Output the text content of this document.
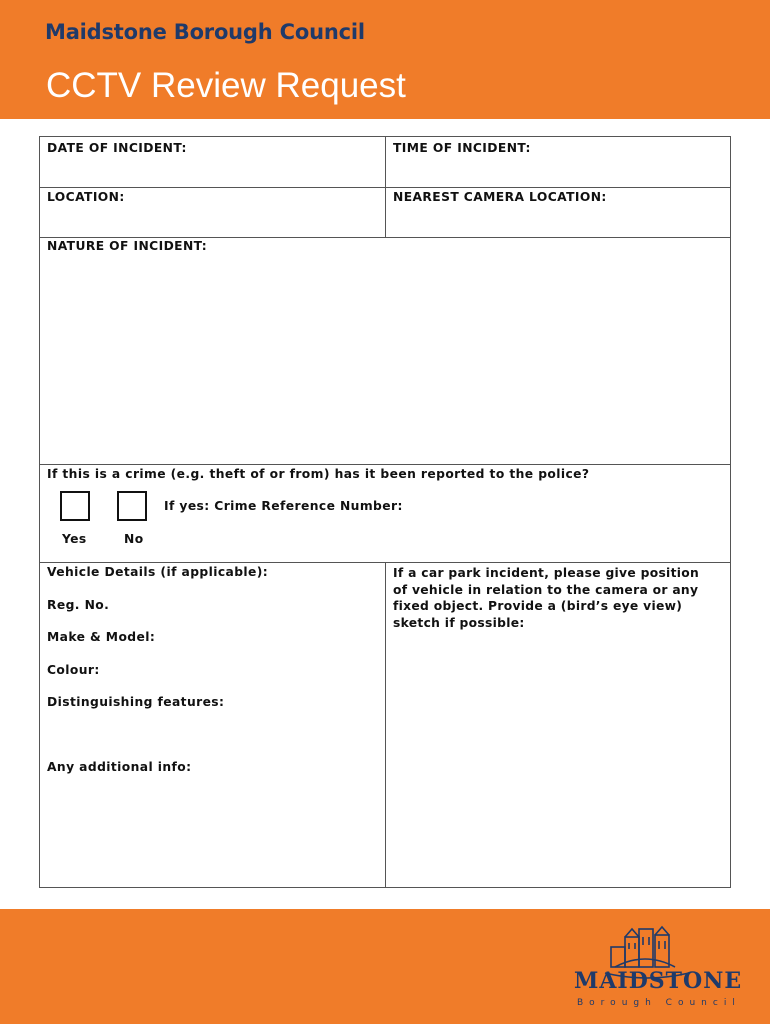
Maidstone Borough Council
CCTV Review Request
DATE OF INCIDENT:	TIME OF INCIDENT:
LOCATION:	NEAREST CAMERA LOCATION:
NATURE OF INCIDENT:
If this is a crime (e.g. theft of or from) has it been reported to the police?
If yes: Crime Reference Number:
Yes	No
Vehicle Details (if applicable):
Reg. No.
Make & Model:
Colour:
Distinguishing features:
Any additional info:
If a car park incident, please give position of vehicle in relation to the camera or any fixed object. Provide a (bird’s eye view) sketch if possible:
MAIDSTONE
Borough Council
